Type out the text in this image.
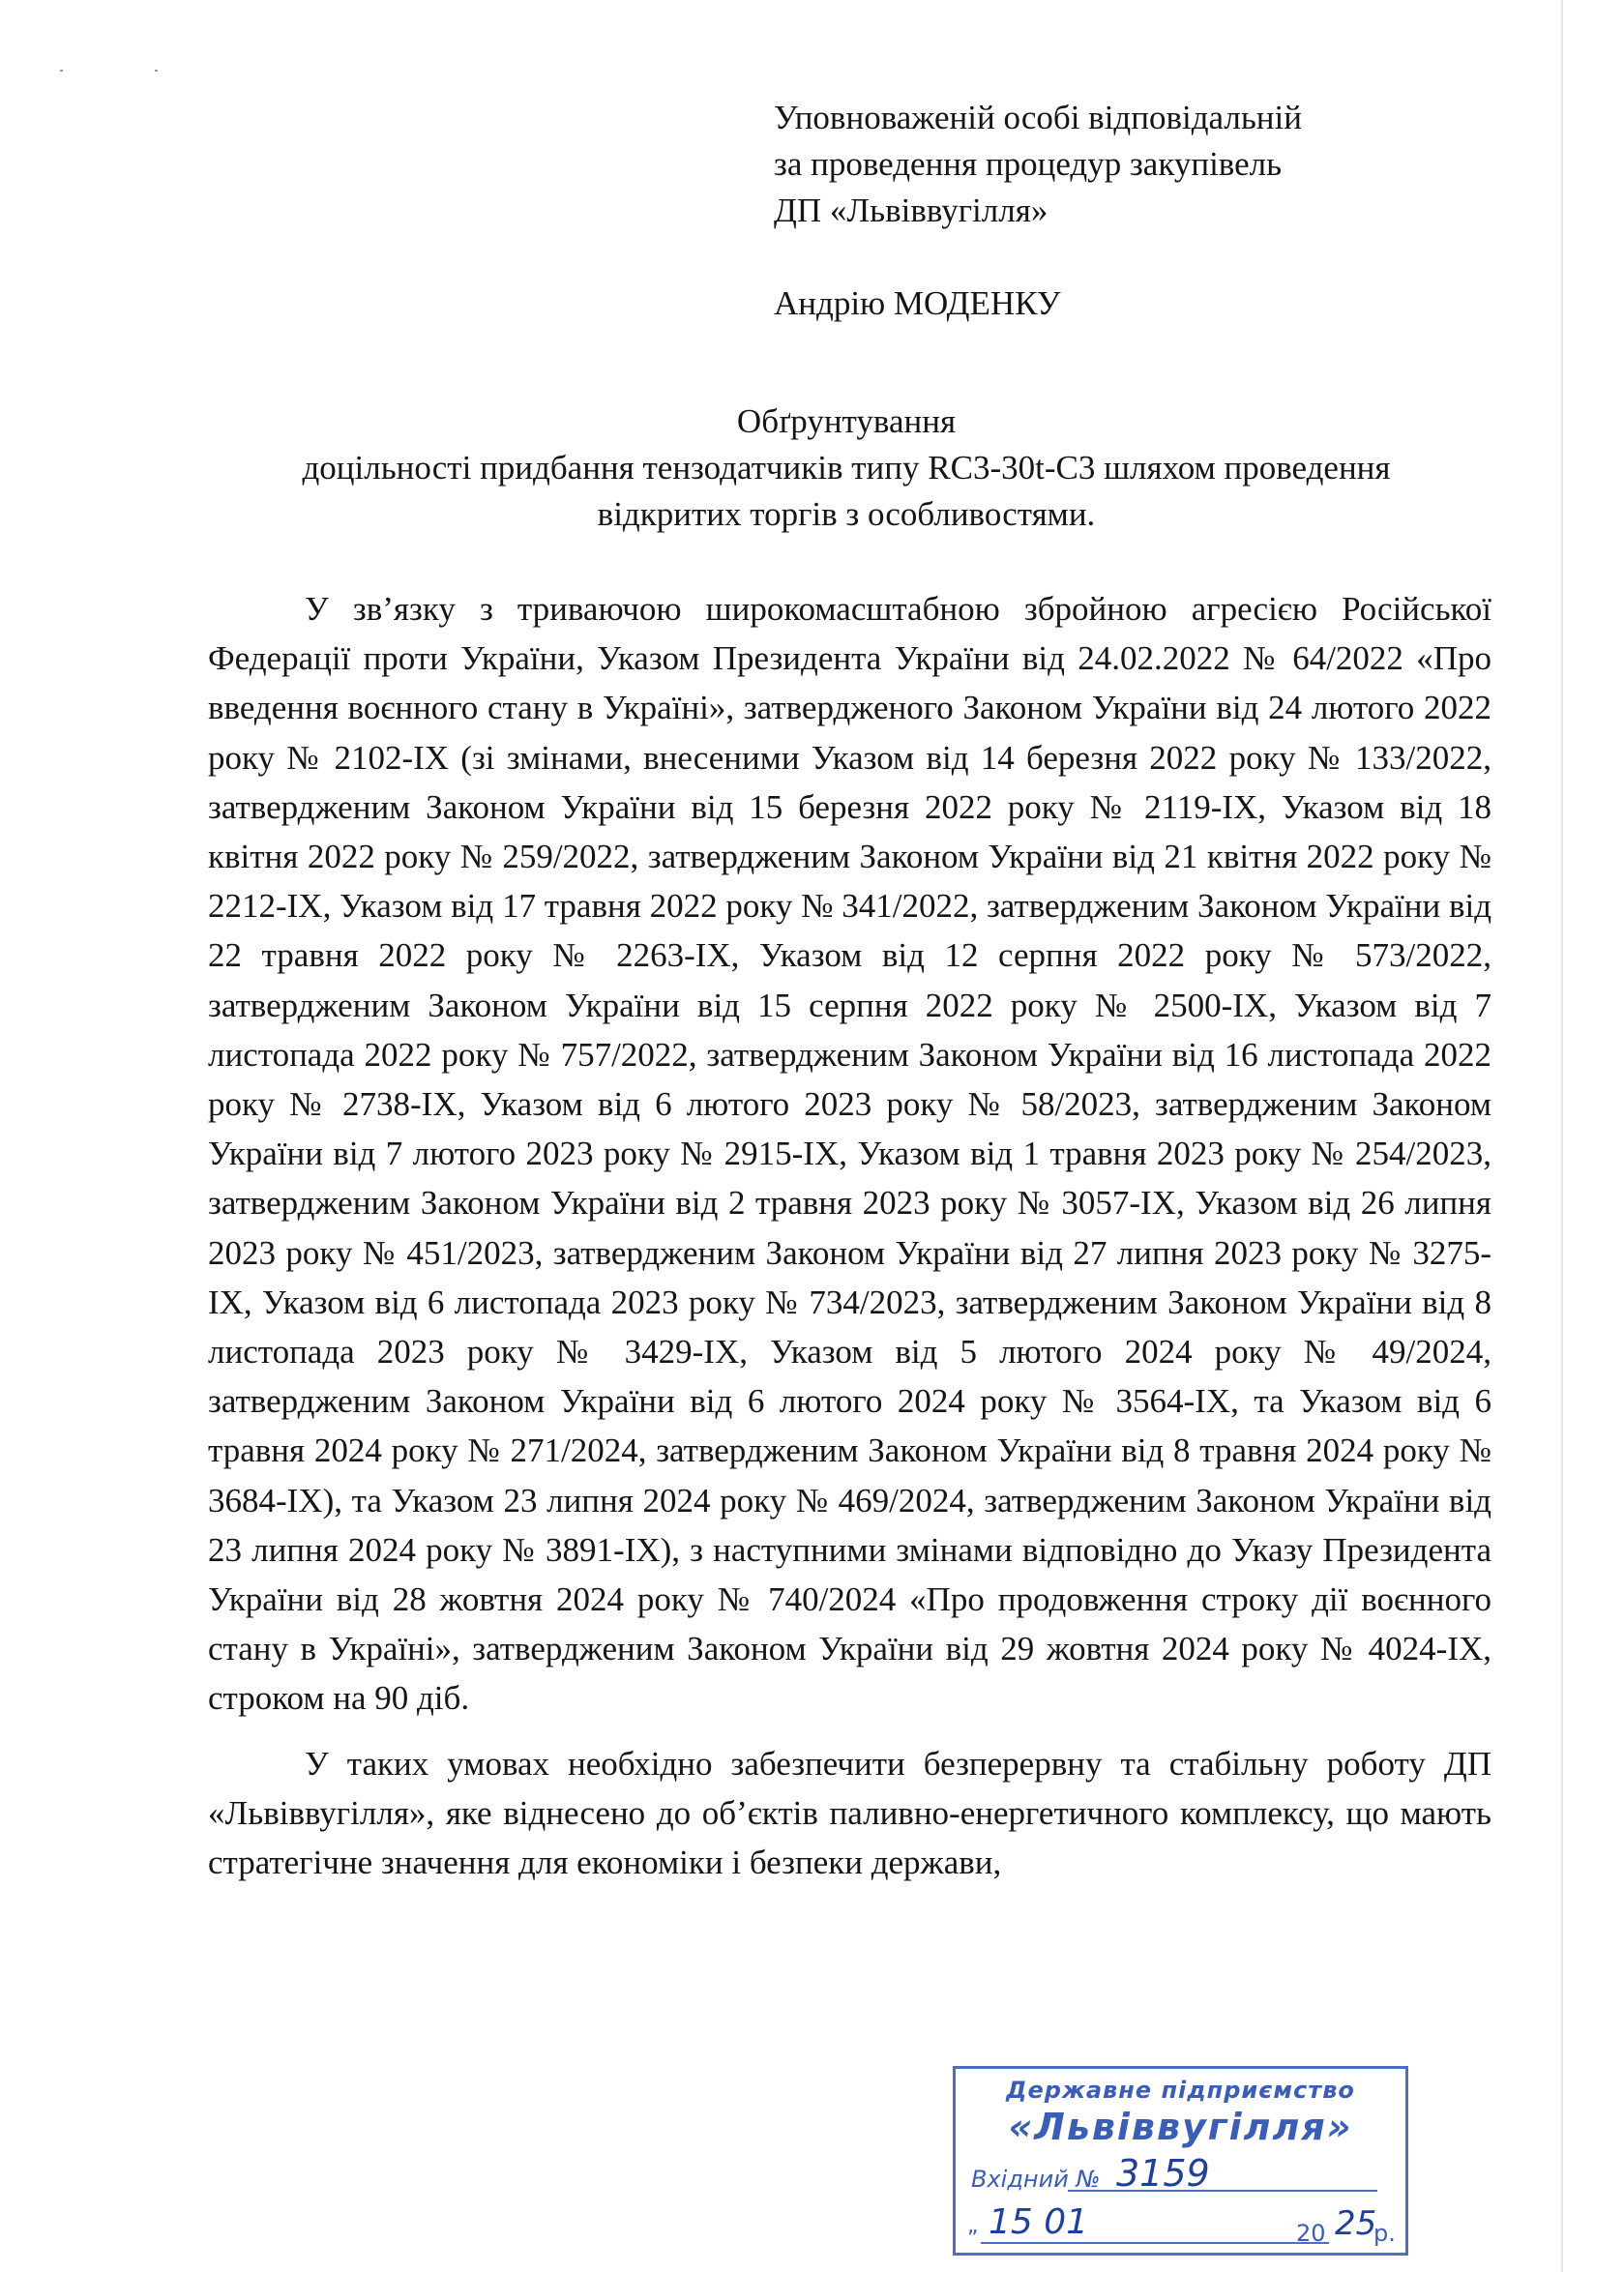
Уповноваженій особі відповідальній
за проведення процедур закупівель
ДП «Львіввугілля»
Андрію МОДЕНКУ
Обґрунтування
доцільності придбання тензодатчиків типу RC3-30t-C3 шляхом проведення
відкритих торгів з особливостями.

У зв’язку з триваючою широкомасштабною збройною агресією Російської Федерації проти України, Указом Президента України від 24.02.2022 № 64/2022 «Про введення воєнного стану в Україні», затвердженого Законом України від 24 лютого 2022 року № 2102-IX (зі змінами, внесеними Указом від 14 березня 2022 року № 133/2022, затвердженим Законом України від 15 березня 2022 року № 2119-IX, Указом від 18 квітня 2022 року № 259/2022, затвердженим Законом України від 21 квітня 2022 року № 2212-IX, Указом від 17 травня 2022 року № 341/2022, затвердженим Законом України від 22 травня 2022 року № 2263-IX, Указом від 12 серпня 2022 року № 573/2022, затвердженим Законом України від 15 серпня 2022 року № 2500-IX, Указом від 7 листопада 2022 року № 757/2022, затвердженим Законом України від 16 листопада 2022 року № 2738-IX, Указом від 6 лютого 2023 року № 58/2023, затвердженим Законом України від 7 лютого 2023 року № 2915-IX, Указом від 1 травня 2023 року № 254/2023, затвердженим Законом України від 2 травня 2023 року № 3057-IX, Указом від 26 липня 2023 року № 451/2023, затвердженим Законом України від 27 липня 2023 року № 3275-IX, Указом від 6 листопада 2023 року № 734/2023, затвердженим Законом України від 8 листопада 2023 року № 3429-IX, Указом від 5 лютого 2024 року № 49/2024, затвердженим Законом України від 6 лютого 2024 року № 3564-IX, та Указом від 6 травня 2024 року № 271/2024, затвердженим Законом України від 8 травня 2024 року № 3684-IX), та Указом 23 липня 2024 року № 469/2024, затвердженим Законом України від 23 липня 2024 року № 3891-IX), з наступними змінами відповідно до Указу Президента України від 28 жовтня 2024 року № 740/2024 «Про продовження строку дії воєнного стану в Україні», затвердженим Законом України від 29 жовтня 2024 року № 4024-IX, строком на 90 діб.

У таких умовах необхідно забезпечити безперервну та стабільну роботу ДП «Львіввугілля», яке віднесено до об’єктів паливно-енергетичного комплексу, що мають стратегічне значення для економіки і безпеки держави,

Державне підприємство
«Львіввугілля»
Вхідний № 3159
„ 15 01	20 25
р.
